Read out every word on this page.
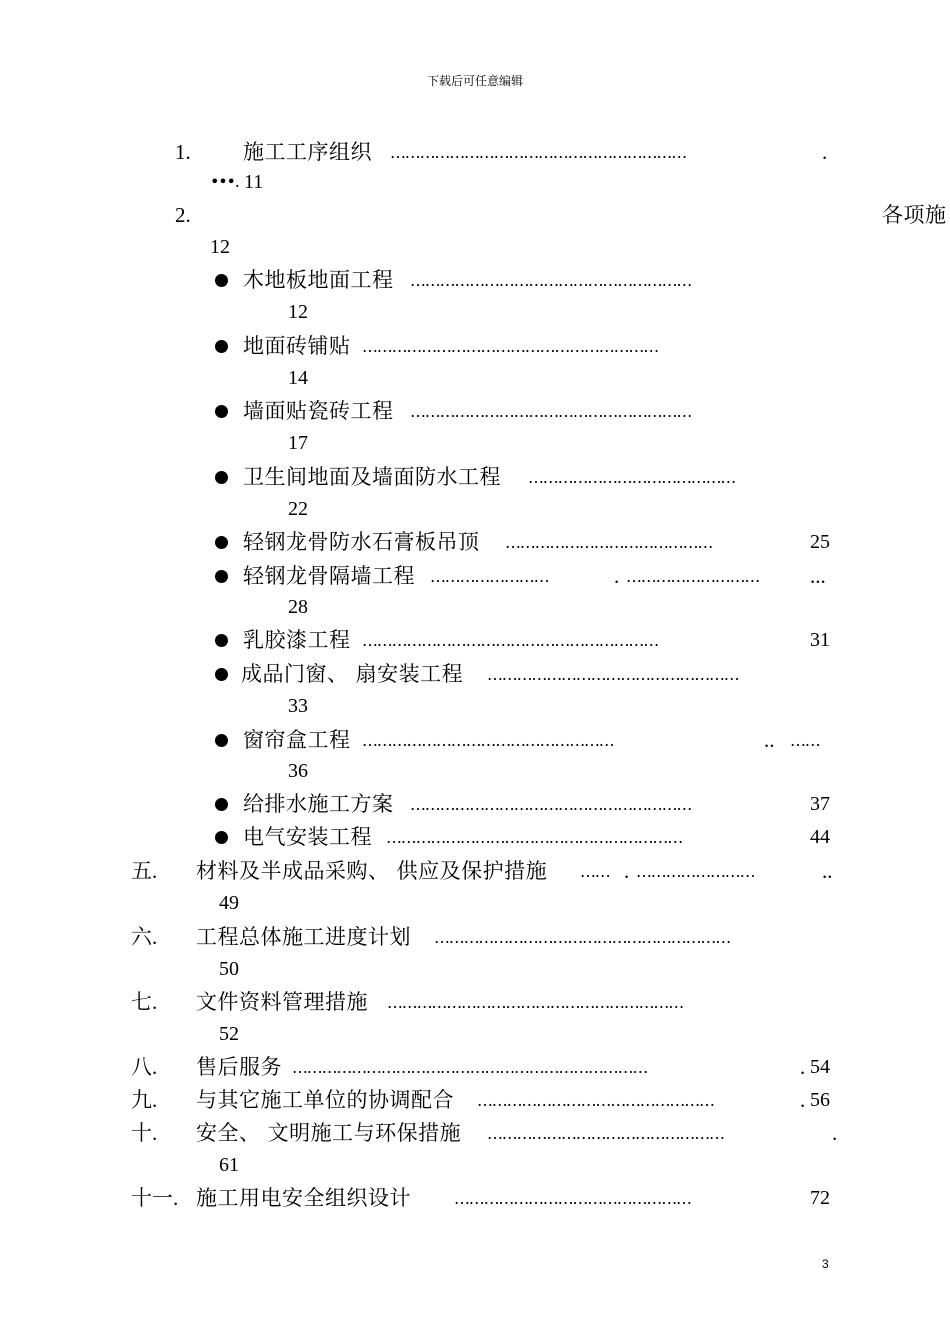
下载后可任意编辑
1. 施工工序组织 ……………………………………………………	.
•••. 11
2.	各项施
12
木地板地面工程 …………………………………………………
12
地面砖铺贴 ……………………………………………………
14
墙面贴瓷砖工程 …………………………………………………
17
卫生间地面及墙面防水工程 ……………………………………
22
轻钢龙骨防水石膏板吊顶 ……………………………………	25
轻钢龙骨隔墙工程 ……………………	. ……………………… ...
28
乳胶漆工程 ……………………………………………………	31
成品门窗、 扇安装工程 ……………………………………………
33
窗帘盒工程 ……………………………………………	.. ……
36
给排水施工方案 …………………………………………………	37
电气安装工程 ……………………………………………………	44
五. 材料及半成品采购、 供应及保护措施 …… . ……………………	..
49
六. 工程总体施工进度计划 ……………………………………………………
50
七. 文件资料管理措施 ……………………………………………………
52
八. 售后服务 ………………………………………………………………	. 54
九. 与其它施工单位的协调配合 …………………………………………	. 56
十. 安全、 文明施工与环保措施 …………………………………………	.
61
十一. 施工用电安全组织设计	…………………………………………	72
3
